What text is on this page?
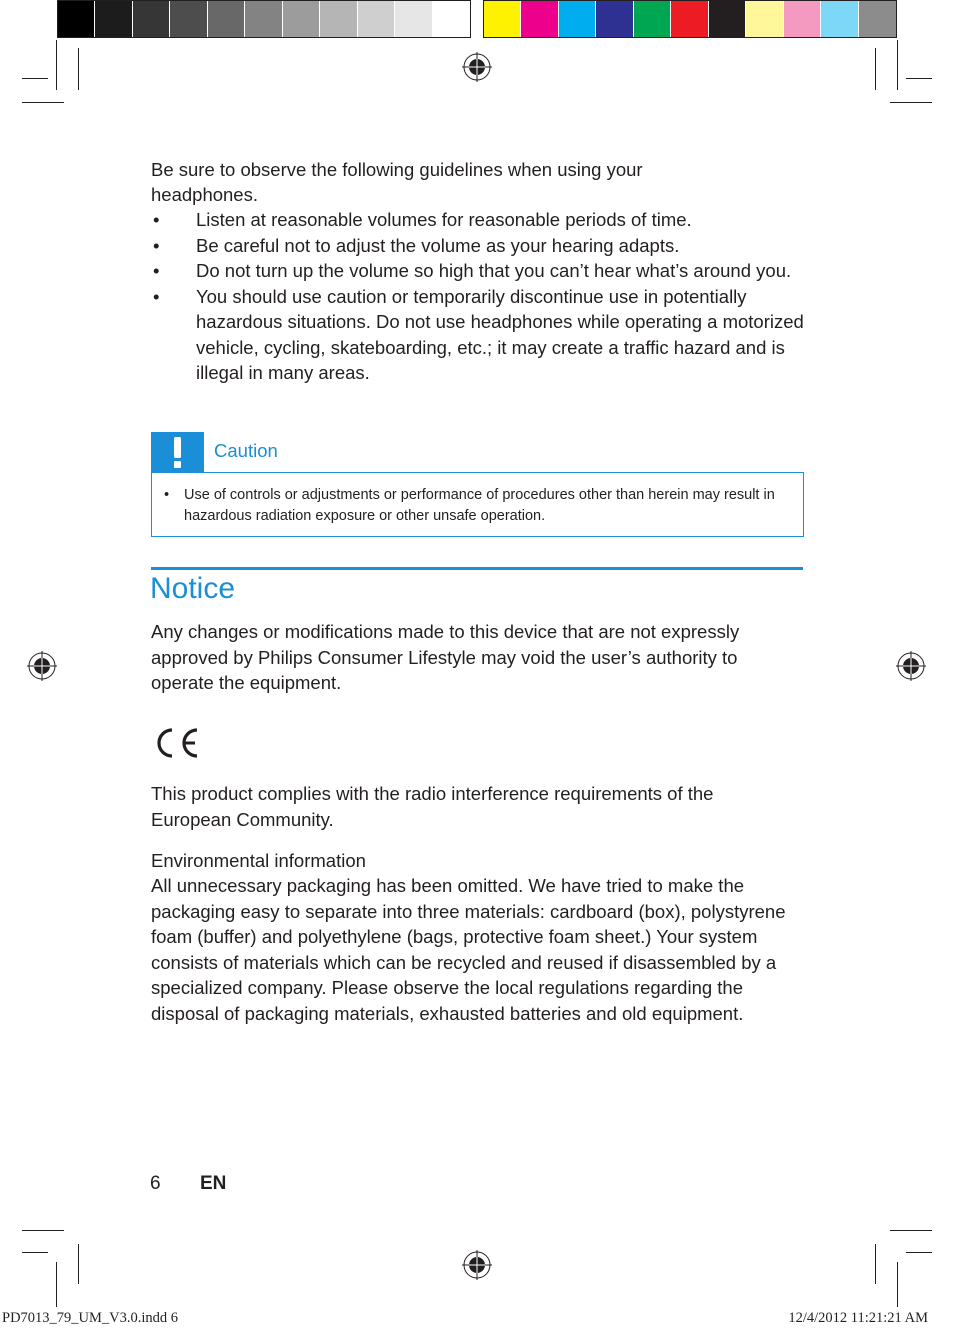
Be sure to observe the following guidelines when using your
headphones.
• Listen at reasonable volumes for reasonable periods of time.
• Be careful not to adjust the volume as your hearing adapts.
• Do not turn up the volume so high that you can’t hear what’s around you.
• You should use caution or temporarily discontinue use in potentially hazardous situations. Do not use headphones while operating a motorized vehicle, cycling, skateboarding, etc.; it may create a traffic hazard and is illegal in many areas.
Caution
•	Use of controls or adjustments or performance of procedures other than herein may result in hazardous radiation exposure or other unsafe operation.
Notice
Any changes or modifications made to this device that are not expressly approved by Philips Consumer Lifestyle may void the user’s authority to operate the equipment.
This product complies with the radio interference requirements of the European Community.
Environmental information
All unnecessary packaging has been omitted. We have tried to make the packaging easy to separate into three materials: cardboard (box), polystyrene foam (buffer) and polyethylene (bags, protective foam sheet.) Your system consists of materials which can be recycled and reused if disassembled by a specialized company. Please observe the local regulations regarding the disposal of packaging materials, exhausted batteries and old equipment.
6 EN
PD7013_79_UM_V3.0.indd 6	12/4/2012 11:21:21 AM
